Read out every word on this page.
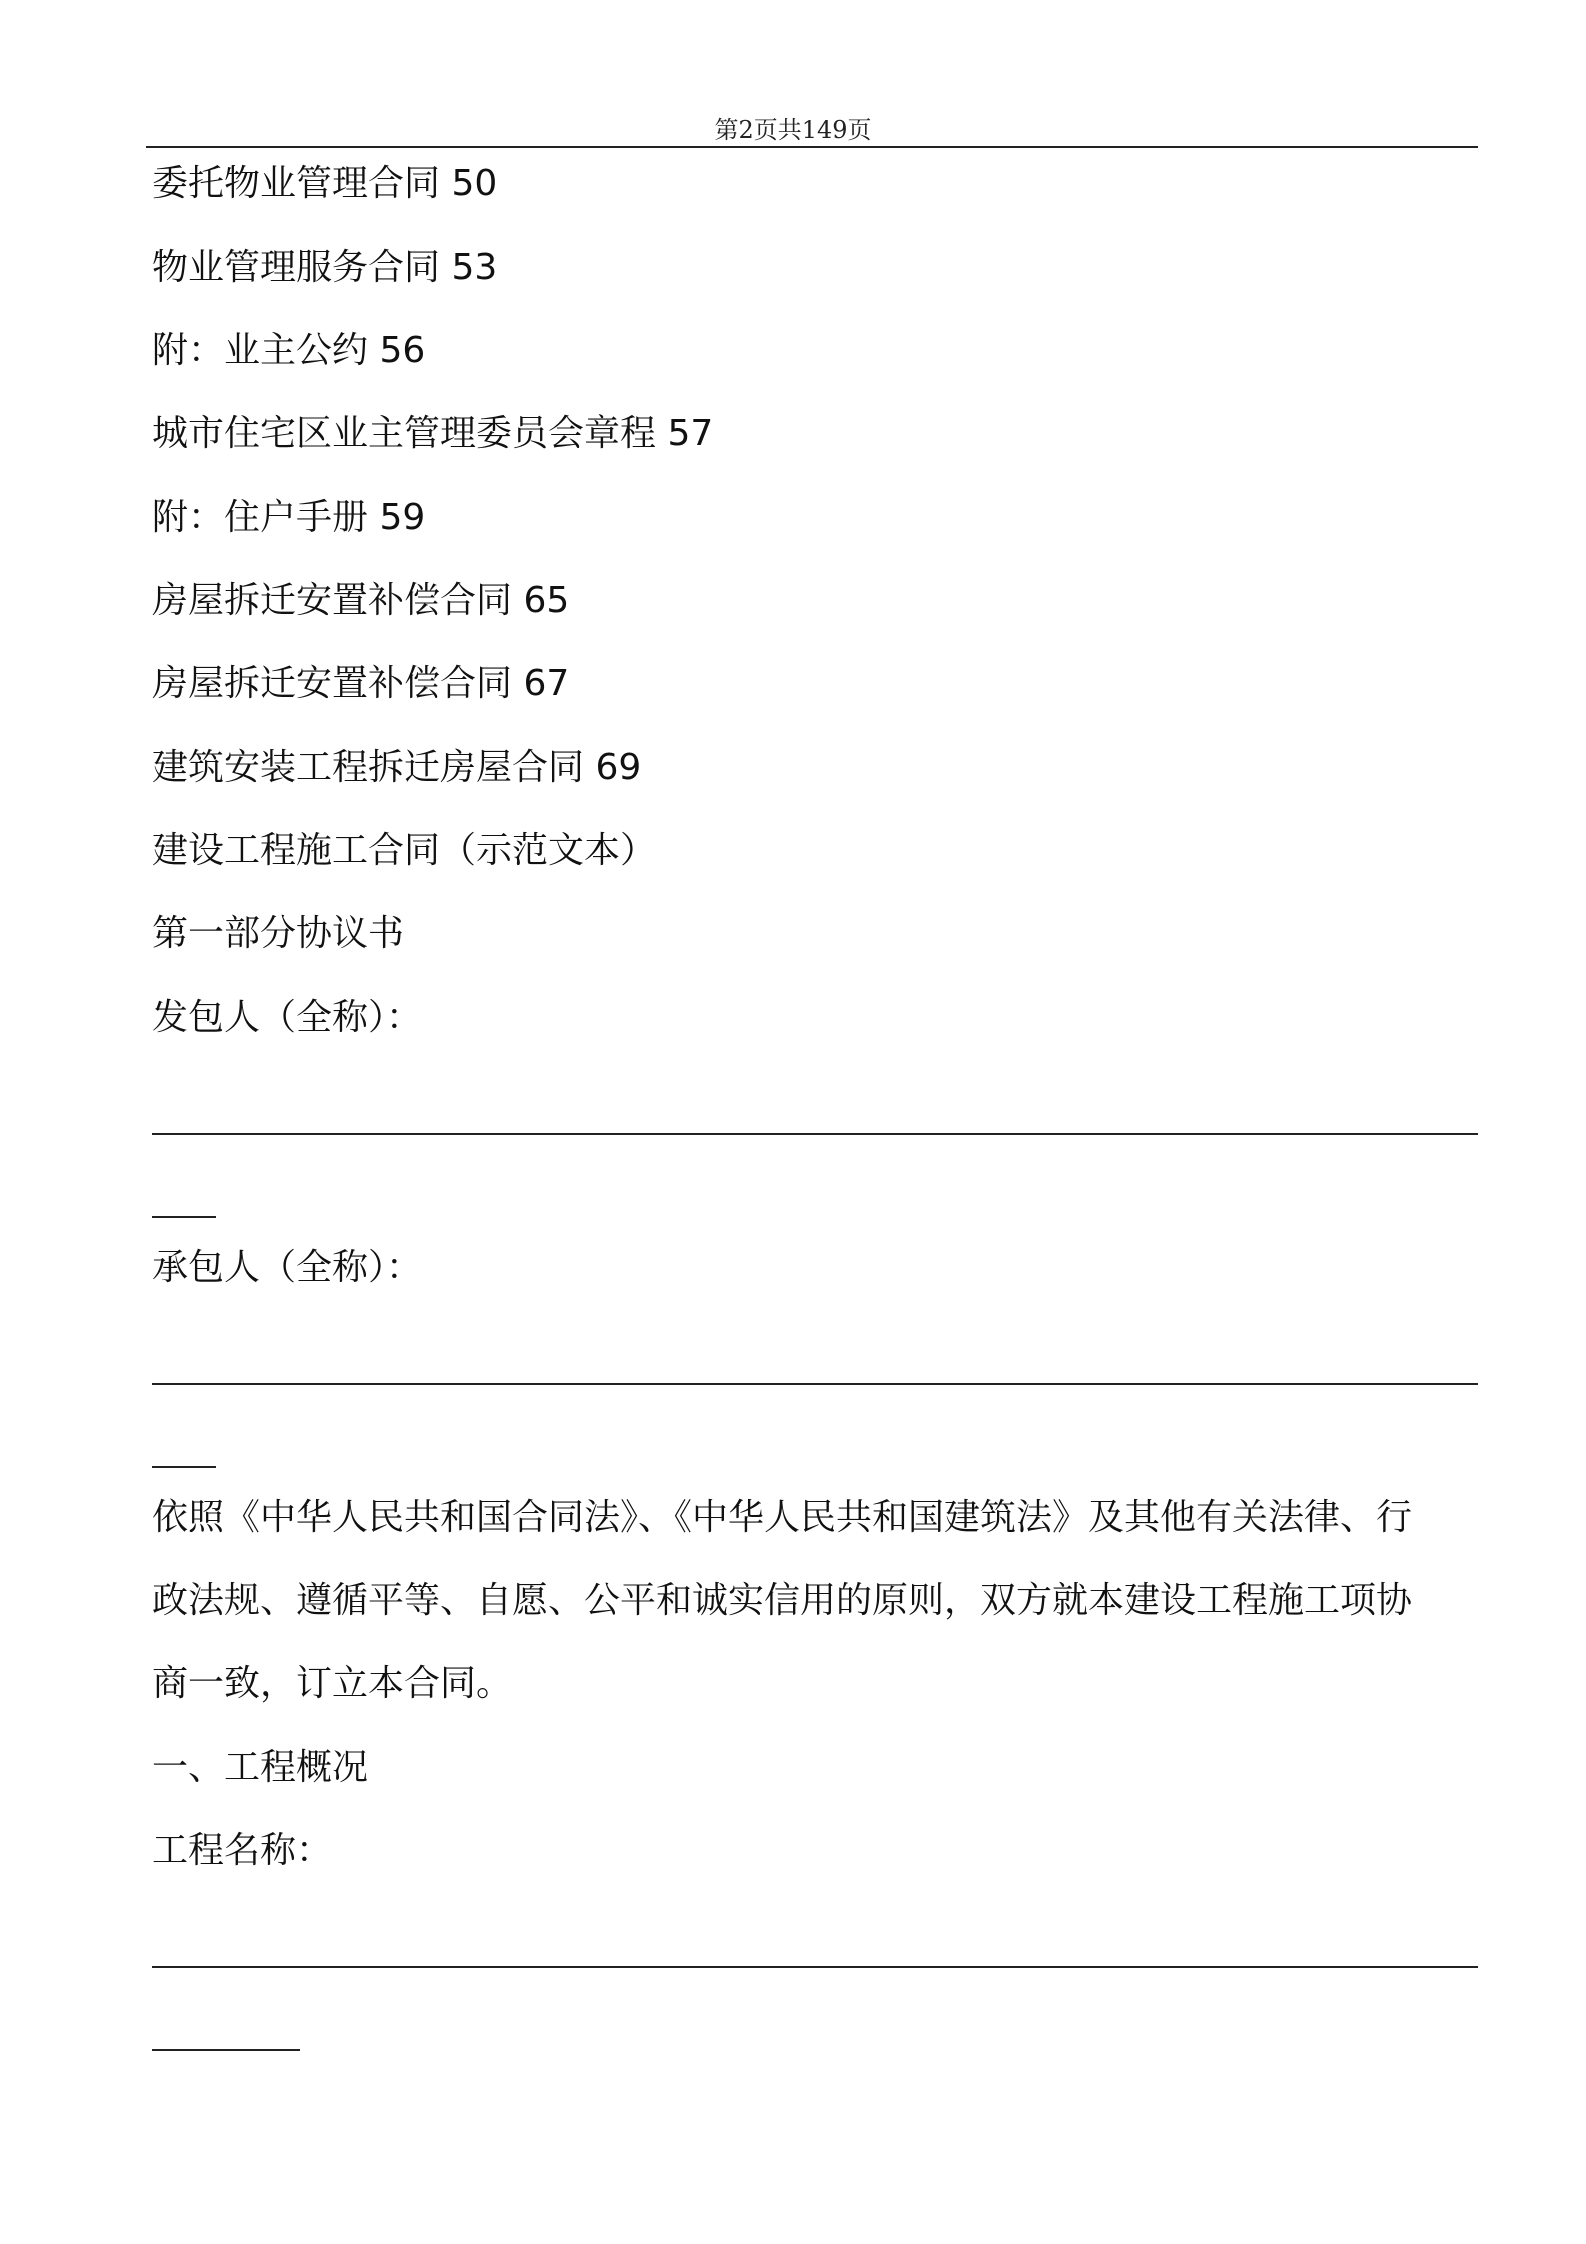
第2页共149页
委托物业管理合同 50
物业管理服务合同 53
附：业主公约 56
城市住宅区业主管理委员会章程 57
附：住户手册 59
房屋拆迁安置补偿合同 65
房屋拆迁安置补偿合同 67
建筑安装工程拆迁房屋合同 69
建设工程施工合同（示范文本）
第一部分协议书
发包人（全称）：
承包人（全称）：
依照《中华人民共和国合同法》、《中华人民共和国建筑法》及其他有关法律、行
政法规、遵循平等、自愿、公平和诚实信用的原则，双方就本建设工程施工项协
商一致，订立本合同。
一、工程概况
工程名称：
